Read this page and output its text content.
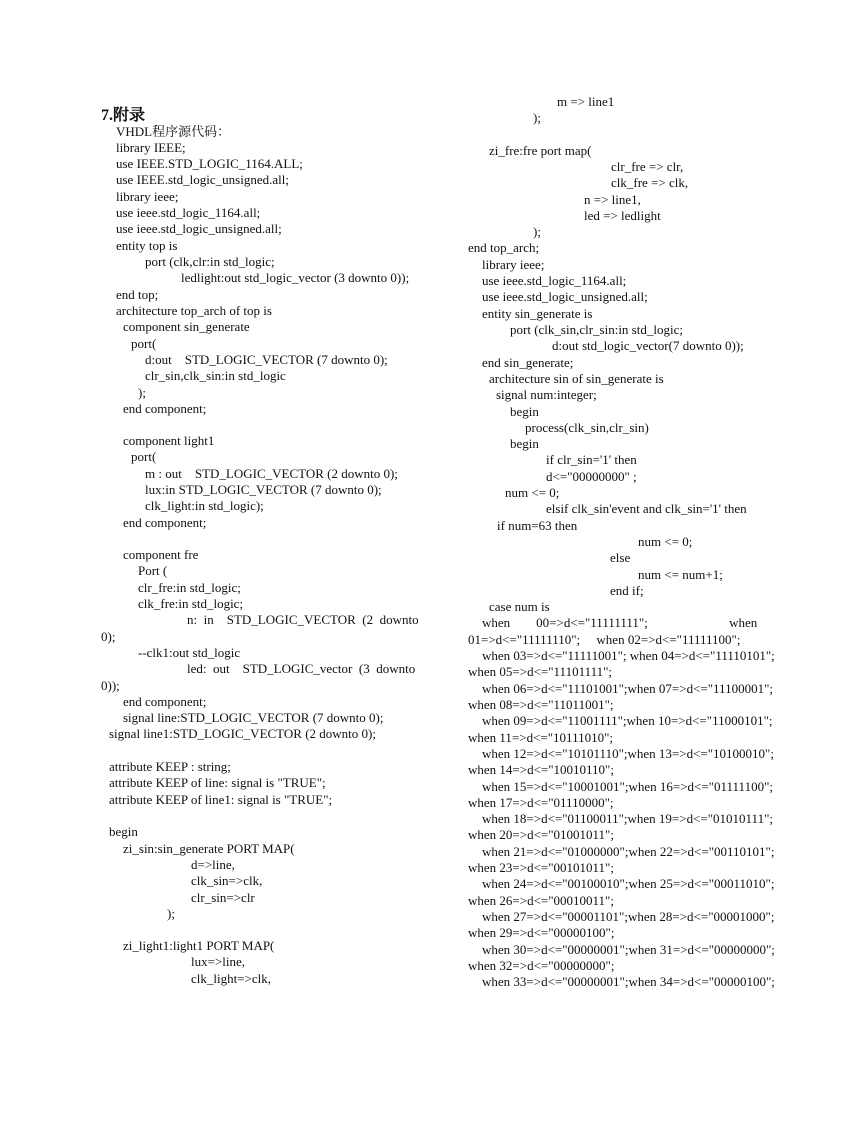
7.附录
VHDL程序源代码：
library IEEE;
use IEEE.STD_LOGIC_1164.ALL;
use IEEE.std_logic_unsigned.all;
library ieee;
use ieee.std_logic_1164.all;
use ieee.std_logic_unsigned.all;
entity top is
port (clk,clr:in std_logic;
ledlight:out std_logic_vector (3 downto 0));
end top;
architecture top_arch of top is
component sin_generate
port(
d:out    STD_LOGIC_VECTOR (7 downto 0);
clr_sin,clk_sin:in std_logic
);
end component;
component light1
port(
m : out    STD_LOGIC_VECTOR (2 downto 0);
lux:in STD_LOGIC_VECTOR (7 downto 0);
clk_light:in std_logic);
end component;
component fre
Port (
clr_fre:in std_logic;
clk_fre:in std_logic;
n:  in    STD_LOGIC_VECTOR  (2  downto
0);
--clk1:out std_logic
led:  out    STD_LOGIC_vector  (3  downto
0));
end component;
signal line:STD_LOGIC_VECTOR (7 downto 0);
signal line1:STD_LOGIC_VECTOR (2 downto 0);
attribute KEEP : string;
attribute KEEP of line: signal is "TRUE";
attribute KEEP of line1: signal is "TRUE";
begin
zi_sin:sin_generate PORT MAP(
d=>line,
clk_sin=>clk,
clr_sin=>clr
);
zi_light1:light1 PORT MAP(
lux=>line,
clk_light=>clk,
m => line1
);
zi_fre:fre port map(
clr_fre => clr,
clk_fre => clk,
n => line1,
led => ledlight
);
end top_arch;
library ieee;
use ieee.std_logic_1164.all;
use ieee.std_logic_unsigned.all;
entity sin_generate is
port (clk_sin,clr_sin:in std_logic;
d:out std_logic_vector(7 downto 0));
end sin_generate;
architecture sin of sin_generate is
signal num:integer;
begin
process(clk_sin,clr_sin)
begin
if clr_sin='1' then
d<="00000000" ;
num <= 0;
elsif clk_sin'event and clk_sin='1' then
if num=63 then
num <= 0;
else
num <= num+1;
end if;
case num is
when        00=>d<="11111111";                         when
01=>d<="11111110";     when 02=>d<="11111100";
when 03=>d<="11111001"; when 04=>d<="11110101";
when 05=>d<="11101111";
when 06=>d<="11101001";when 07=>d<="11100001";
when 08=>d<="11011001";
when 09=>d<="11001111";when 10=>d<="11000101";
when 11=>d<="10111010";
when 12=>d<="10101110";when 13=>d<="10100010";
when 14=>d<="10010110";
when 15=>d<="10001001";when 16=>d<="01111100";
when 17=>d<="01110000";
when 18=>d<="01100011";when 19=>d<="01010111";
when 20=>d<="01001011";
when 21=>d<="01000000";when 22=>d<="00110101";
when 23=>d<="00101011";
when 24=>d<="00100010";when 25=>d<="00011010";
when 26=>d<="00010011";
when 27=>d<="00001101";when 28=>d<="00001000";
when 29=>d<="00000100";
when 30=>d<="00000001";when 31=>d<="00000000";
when 32=>d<="00000000";
when 33=>d<="00000001";when 34=>d<="00000100";
